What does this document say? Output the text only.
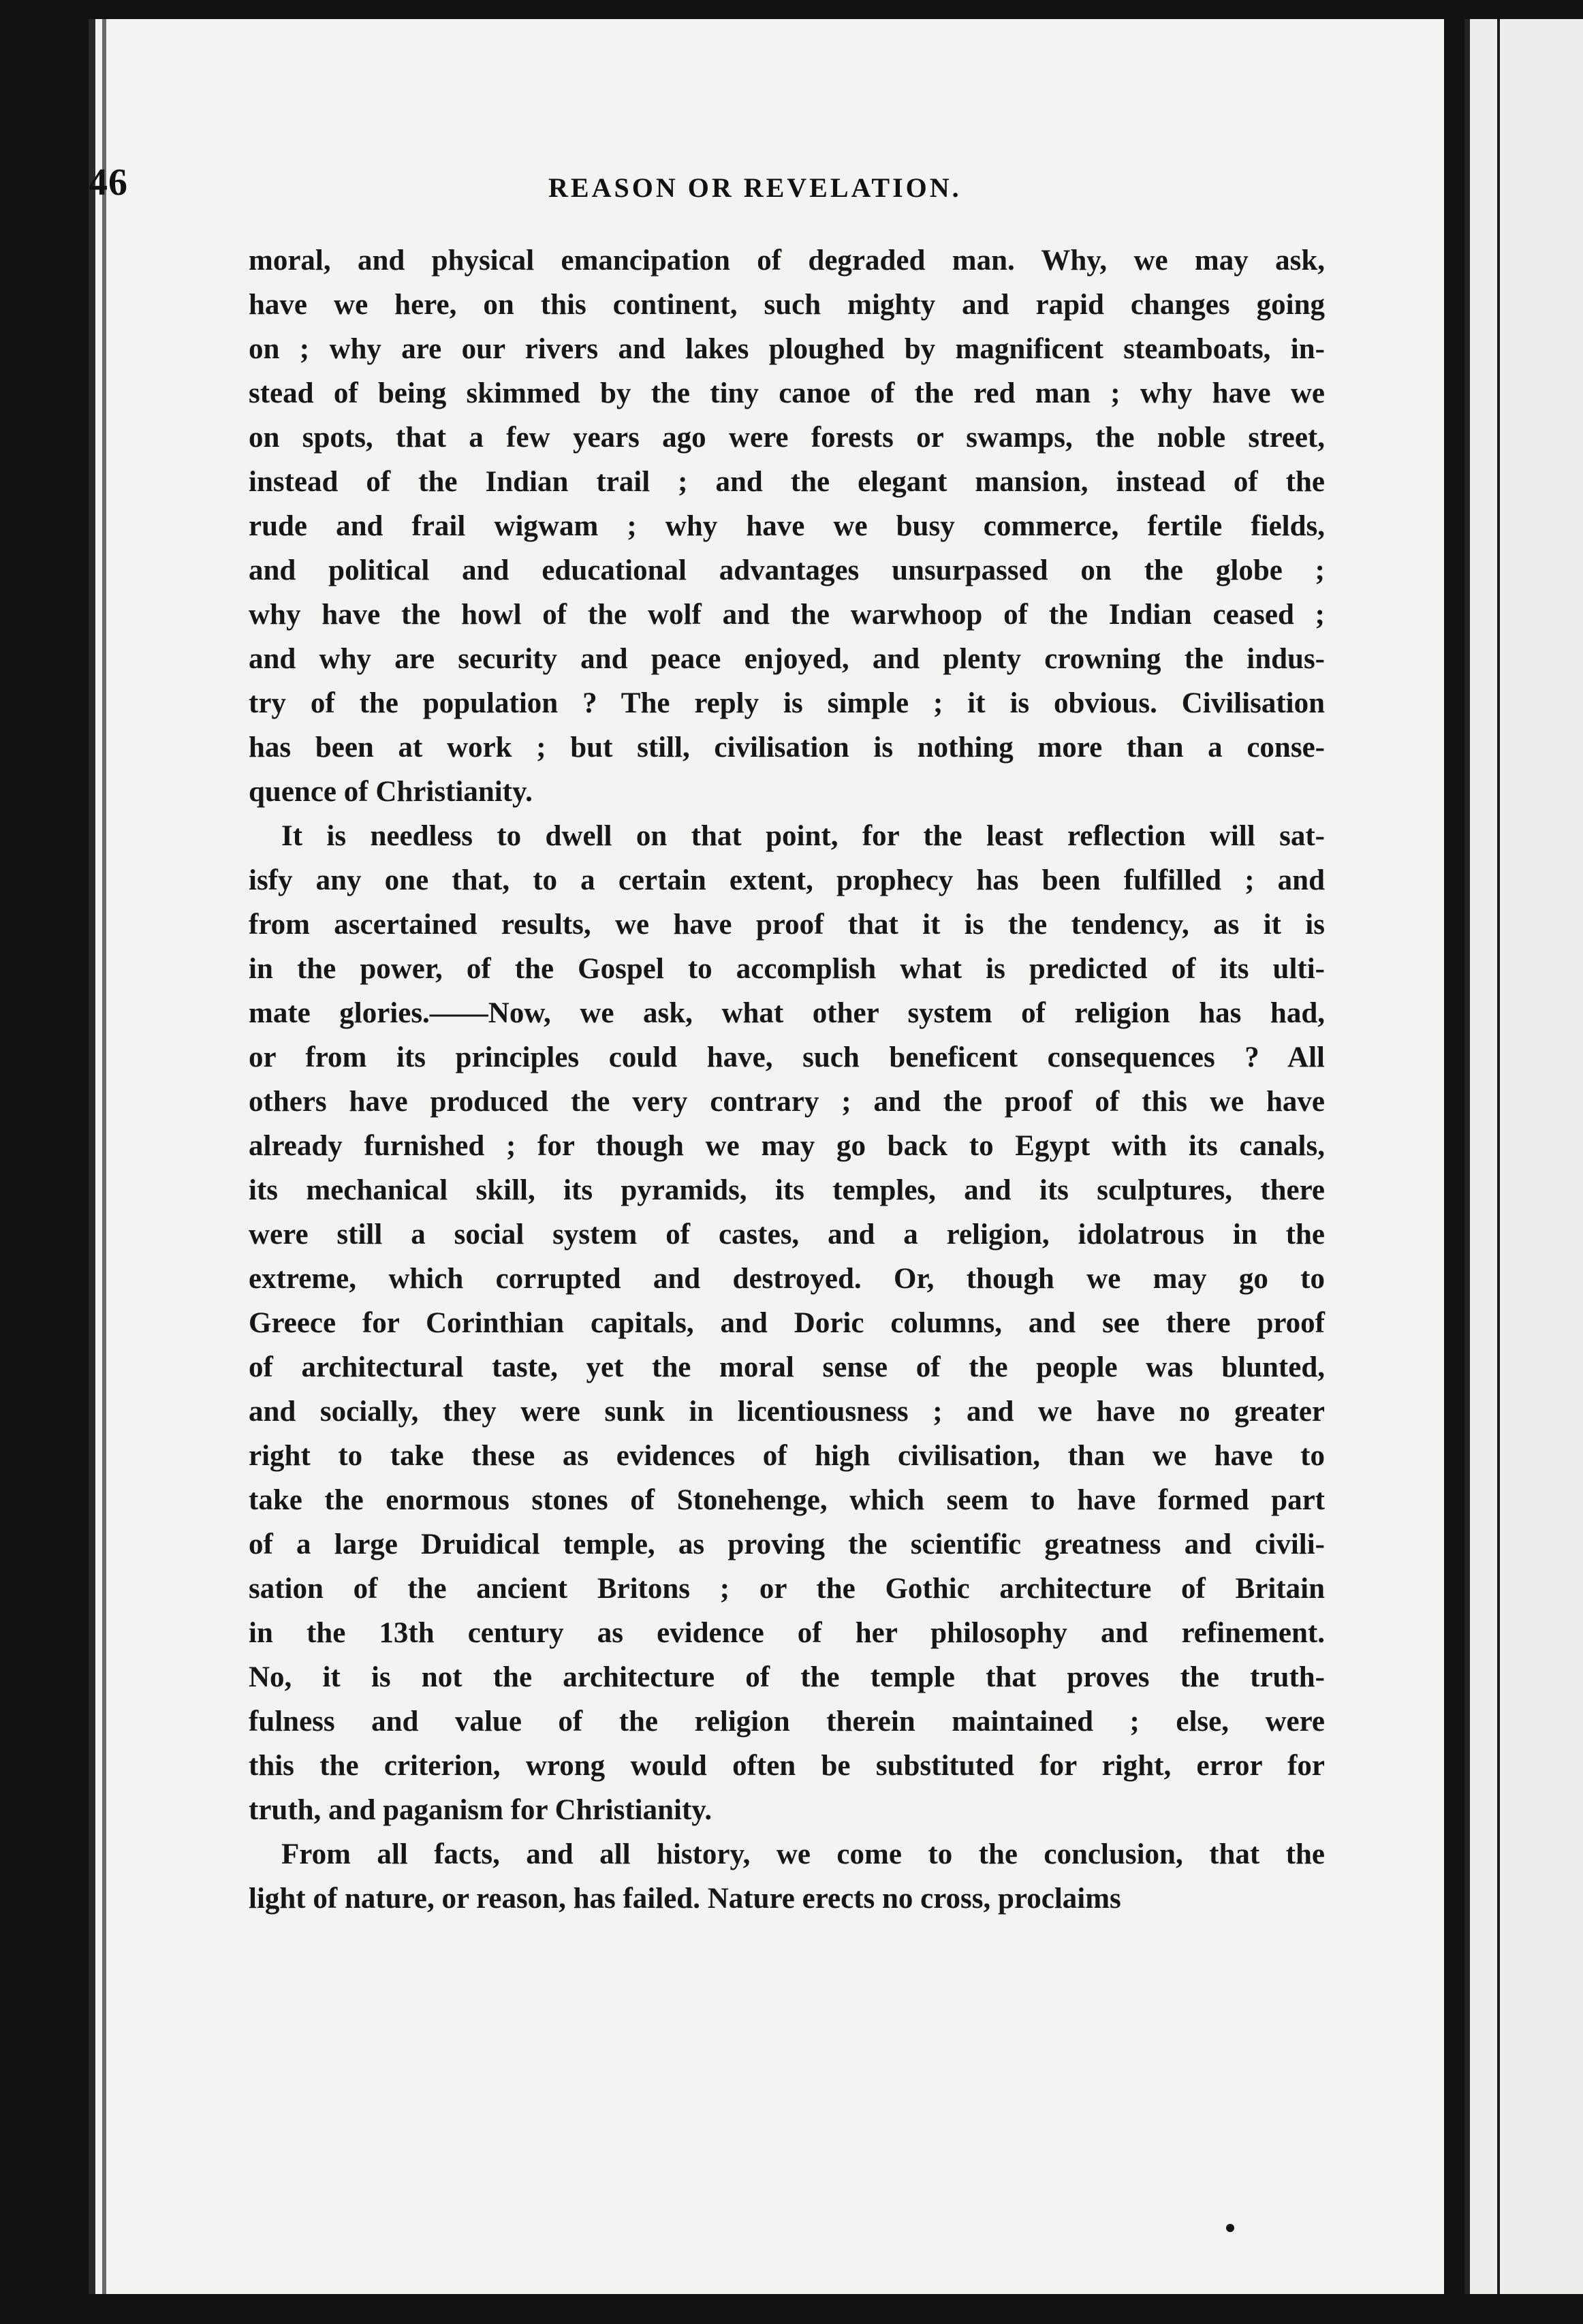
46	REASON OR REVELATION.
moral, and physical emancipation of degraded man. Why, we may ask,
have we here, on this continent, such mighty and rapid changes going
on ; why are our rivers and lakes ploughed by magnificent steamboats, in-
stead of being skimmed by the tiny canoe of the red man ; why have we
on spots, that a few years ago were forests or swamps, the noble street,
instead of the Indian trail ; and the elegant mansion, instead of the
rude and frail wigwam ; why have we busy commerce, fertile fields,
and political and educational advantages unsurpassed on the globe ;
why have the howl of the wolf and the warwhoop of the Indian ceased ;
and why are security and peace enjoyed, and plenty crowning the indus-
try of the population ? The reply is simple ; it is obvious. Civilisation
has been at work ; but still, civilisation is nothing more than a conse-
quence of Christianity.
It is needless to dwell on that point, for the least reflection will sat-
isfy any one that, to a certain extent, prophecy has been fulfilled ; and
from ascertained results, we have proof that it is the tendency, as it is
in the power, of the Gospel to accomplish what is predicted of its ulti-
mate glories.——Now, we ask, what other system of religion has had,
or from its principles could have, such beneficent consequences ? All
others have produced the very contrary ; and the proof of this we have
already furnished ; for though we may go back to Egypt with its canals,
its mechanical skill, its pyramids, its temples, and its sculptures, there
were still a social system of castes, and a religion, idolatrous in the
extreme, which corrupted and destroyed. Or, though we may go to
Greece for Corinthian capitals, and Doric columns, and see there proof
of architectural taste, yet the moral sense of the people was blunted,
and socially, they were sunk in licentiousness ; and we have no greater
right to take these as evidences of high civilisation, than we have to
take the enormous stones of Stonehenge, which seem to have formed part
of a large Druidical temple, as proving the scientific greatness and civili-
sation of the ancient Britons ; or the Gothic architecture of Britain
in the 13th century as evidence of her philosophy and refinement.
No, it is not the architecture of the temple that proves the truth-
fulness and value of the religion therein maintained ; else, were
this the criterion, wrong would often be substituted for right, error for
truth, and paganism for Christianity.
From all facts, and all history, we come to the conclusion, that the
light of nature, or reason, has failed. Nature erects no cross, proclaims
